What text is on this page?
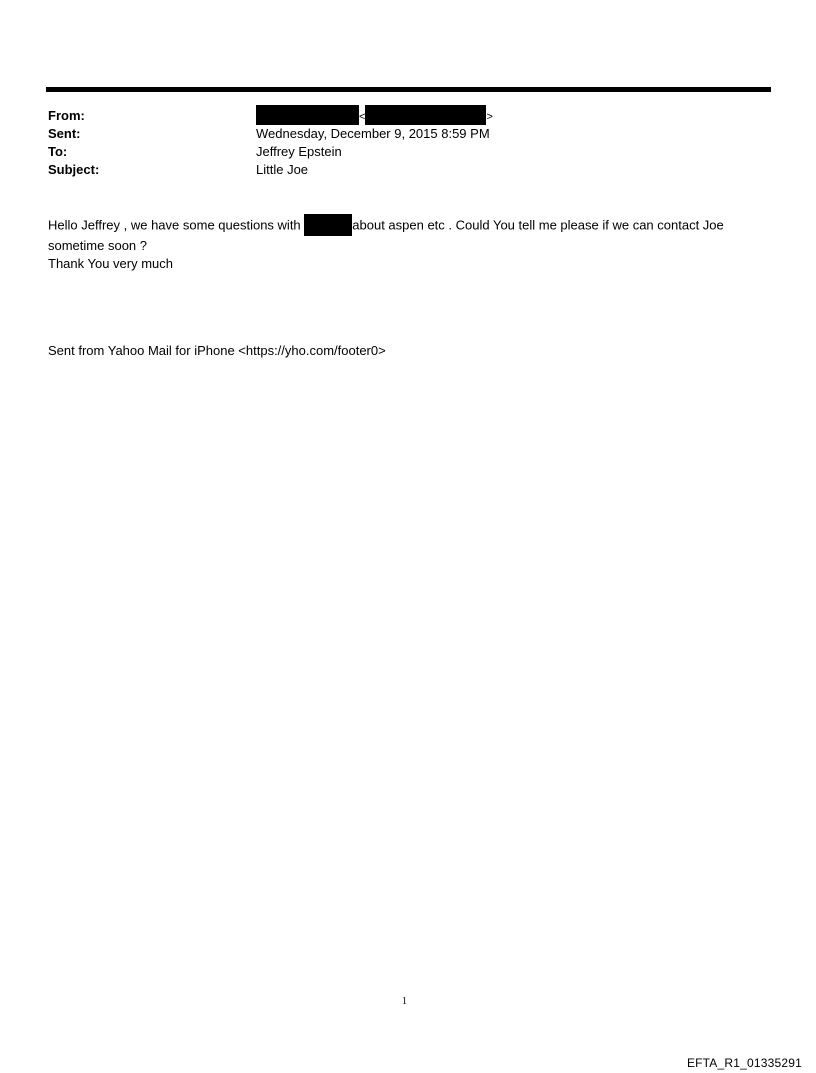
From:	<	>
Sent:	Wednesday, December 9, 2015 8:59 PM
To:	Jeffrey Epstein
Subject:	Little Joe
Hello Jeffrey , we have some questions with	about aspen etc . Could You tell me please if we can contact Joe
sometime soon ?
Thank You very much
Sent from Yahoo Mail for iPhone <https://yho.com/footer0>
1
EFTA_R1_01335291
